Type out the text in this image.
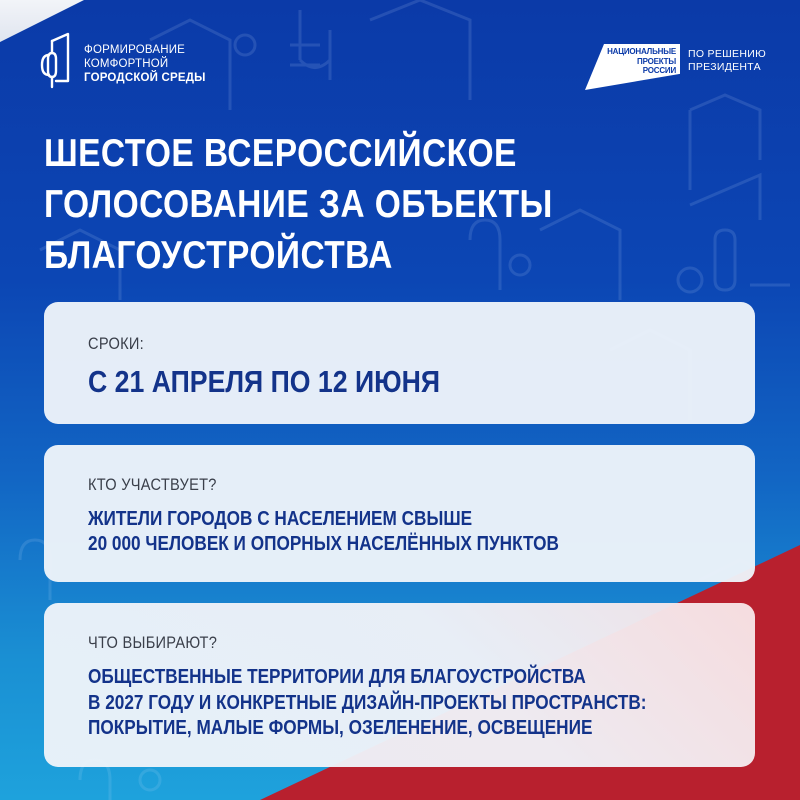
ФОРМИРОВАНИЕ
КОМФОРТНОЙ
ГОРОДСКОЙ СРЕДЫ
НАЦИОНАЛЬНЫЕ
ПРОЕКТЫ
РОССИИ
ПО РЕШЕНИЮ
ПРЕЗИДЕНТА
ШЕСТОЕ ВСЕРОССИЙСКОЕ
ГОЛОСОВАНИЕ ЗА ОБЪЕКТЫ
БЛАГОУСТРОЙСТВА
СРОКИ:
С 21 АПРЕЛЯ ПО 12 ИЮНЯ
КТО УЧАСТВУЕТ?
ЖИТЕЛИ ГОРОДОВ С НАСЕЛЕНИЕМ СВЫШЕ
20 000 ЧЕЛОВЕК И ОПОРНЫХ НАСЕЛЁННЫХ ПУНКТОВ
ЧТО ВЫБИРАЮТ?
ОБЩЕСТВЕННЫЕ ТЕРРИТОРИИ ДЛЯ БЛАГОУСТРОЙСТВА
В 2027 ГОДУ И КОНКРЕТНЫЕ ДИЗАЙН-ПРОЕКТЫ ПРОСТРАНСТВ:
ПОКРЫТИЕ, МАЛЫЕ ФОРМЫ, ОЗЕЛЕНЕНИЕ, ОСВЕЩЕНИЕ
